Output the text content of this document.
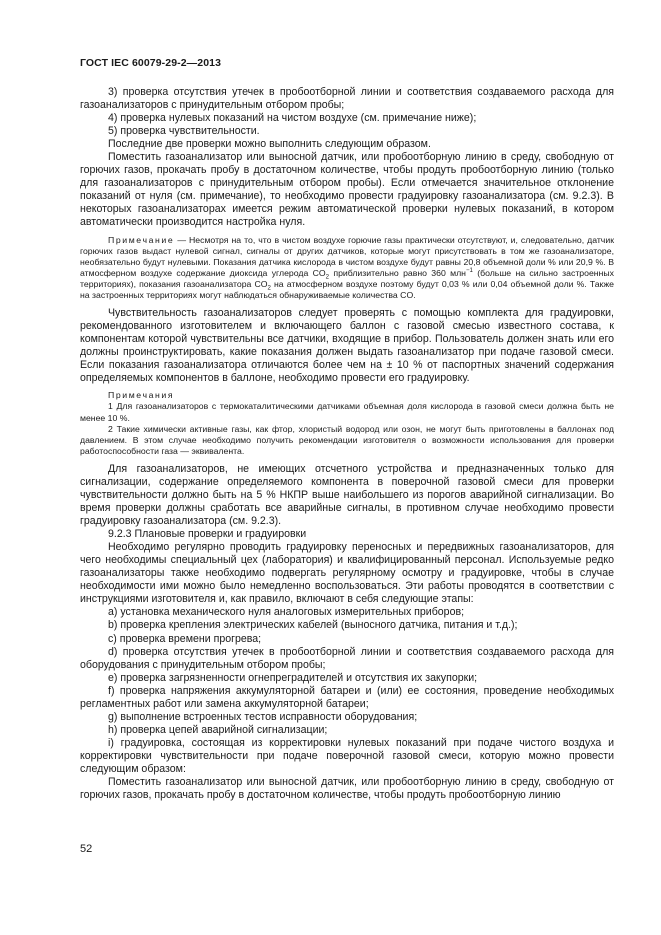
ГОСТ IEC 60079-29-2—2013

3) проверка отсутствия утечек в пробоотборной линии и соответствия создаваемого расхода для газоанализаторов с принудительным отбором пробы;

4) проверка нулевых показаний на чистом воздухе (см. примечание ниже);

5) проверка чувствительности.

Последние две проверки можно выполнить следующим образом.

Поместить газоанализатор или выносной датчик, или пробоотборную линию в среду, свободную от горючих газов, прокачать пробу в достаточном количестве, чтобы продуть пробоотборную линию (только для газоанализаторов с принудительным отбором пробы). Если отмечается значительное отклонение показаний от нуля (см. примечание), то необходимо провести градуировку газоанализатора (см. 9.2.3). В некоторых газоанализаторах имеется режим автоматической проверки нулевых показаний, в котором автоматически производится настройка нуля.

Примечание — Несмотря на то, что в чистом воздухе горючие газы практически отсутствуют, и, следовательно, датчик горючих газов выдаст нулевой сигнал, сигналы от других датчиков, которые могут присутствовать в том же газоанализаторе, необязательно будут нулевыми. Показания датчика кислорода в чистом воздухе будут равны 20,8 объемной доли % или 20,9 %. В атмосферном воздухе содержание диоксида углерода $CO_2$ приблизительно равно 360 млн$^{-1}$ (больше на сильно застроенных территориях), показания газоанализатора $CO_2$ на атмосферном воздухе поэтому будут 0,03 % или 0,04 объемной доли %. Также на застроенных территориях могут наблюдаться обнаруживаемые количества CO.

Чувствительность газоанализаторов следует проверять с помощью комплекта для градуировки, рекомендованного изготовителем и включающего баллон с газовой смесью известного состава, к компонентам которой чувствительны все датчики, входящие в прибор. Пользователь должен знать или его должны проинструктировать, какие показания должен выдать газоанализатор при подаче газовой смеси. Если показания газоанализатора отличаются более чем на ± 10 % от паспортных значений содержания определяемых компонентов в баллоне, необходимо провести его градуировку.

Примечания

1 Для газоанализаторов с термокаталитическими датчиками объемная доля кислорода в газовой смеси должна быть не менее 10 %.

2 Такие химически активные газы, как фтор, хлористый водород или озон, не могут быть приготовлены в баллонах под давлением. В этом случае необходимо получить рекомендации изготовителя о возможности использования для проверки работоспособности газа — эквивалента.

Для газоанализаторов, не имеющих отсчетного устройства и предназначенных только для сигнализации, содержание определяемого компонента в поверочной газовой смеси для проверки чувствительности должно быть на 5 % НКПР выше наибольшего из порогов аварийной сигнализации. Во время проверки должны сработать все аварийные сигналы, в противном случае необходимо провести градуировку газоанализатора (см. 9.2.3).

9.2.3 Плановые проверки и градуировки

Необходимо регулярно проводить градуировку переносных и передвижных газоанализаторов, для чего необходимы специальный цех (лаборатория) и квалифицированный персонал. Используемые редко газоанализаторы также необходимо подвергать регулярному осмотру и градуировке, чтобы в случае необходимости ими можно было немедленно воспользоваться. Эти работы проводятся в соответствии с инструкциями изготовителя и, как правило, включают в себя следующие этапы:

a) установка механического нуля аналоговых измерительных приборов;

b) проверка крепления электрических кабелей (выносного датчика, питания и т.д.);

c) проверка времени прогрева;

d) проверка отсутствия утечек в пробоотборной линии и соответствия создаваемого расхода для оборудования с принудительным отбором пробы;

e) проверка загрязненности огнепреградителей и отсутствия их закупорки;

f) проверка напряжения аккумуляторной батареи и (или) ее состояния, проведение необходимых регламентных работ или замена аккумуляторной батареи;

g) выполнение встроенных тестов исправности оборудования;

h) проверка цепей аварийной сигнализации;

i) градуировка, состоящая из корректировки нулевых показаний при подаче чистого воздуха и корректировки чувствительности при подаче поверочной газовой смеси, которую можно провести следующим образом:

Поместить газоанализатор или выносной датчик, или пробоотборную линию в среду, свободную от горючих газов, прокачать пробу в достаточном количестве, чтобы продуть пробоотборную линию

52
